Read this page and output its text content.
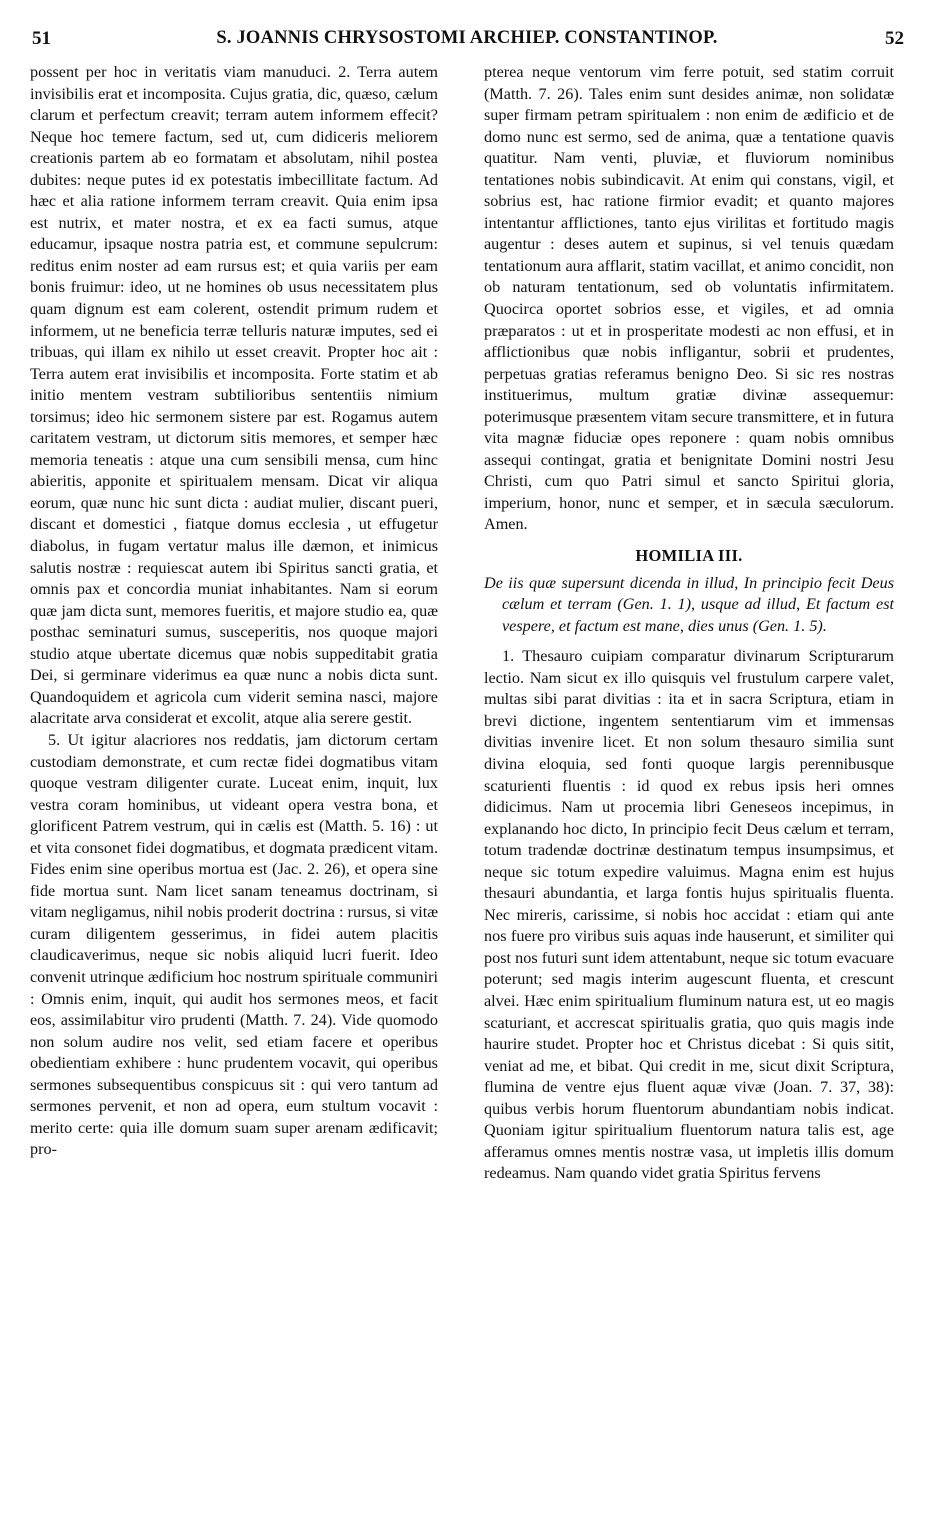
51	S. JOANNIS CHRYSOSTOMI ARCHIEP. CONSTANTINOP.	52

possent per hoc in veritatis viam manuduci. 2. Terra autem invisibilis erat et incomposita. Cujus gratia, dic, quæso, cælum clarum et perfectum creavit; terram autem informem effecit? Neque hoc temere factum, sed ut, cum didiceris meliorem creationis partem ab eo formatam et absolutam, nihil postea dubites: neque putes id ex potestatis imbecillitate factum. Ad hæc et alia ratione informem terram creavit. Quia enim ipsa est nutrix, et mater nostra, et ex ea facti sumus, atque educamur, ipsaque nostra patria est, et commune sepulcrum: reditus enim noster ad eam rursus est; et quia variis per eam bonis fruimur: ideo, ut ne homines ob usus necessitatem plus quam dignum est eam colerent, ostendit primum rudem et informem, ut ne beneficia terræ telluris naturæ imputes, sed ei tribuas, qui illam ex nihilo ut esset creavit. Propter hoc ait : Terra autem erat invisibilis et incomposita. Forte statim et ab initio mentem vestram subtilioribus sententiis nimium torsimus; ideo hic sermonem sistere par est. Rogamus autem caritatem vestram, ut dictorum sitis memores, et semper hæc memoria teneatis : atque una cum sensibili mensa, cum hinc abieritis, apponite et spiritualem mensam. Dicat vir aliqua eorum, quæ nunc hic sunt dicta : audiat mulier, discant pueri, discant et domestici , fiatque domus ecclesia , ut effugetur diabolus, in fugam vertatur malus ille dæmon, et inimicus salutis nostræ : requiescat autem ibi Spiritus sancti gratia, et omnis pax et concordia muniat inhabitantes. Nam si eorum quæ jam dicta sunt, memores fueritis, et majore studio ea, quæ posthac seminaturi sumus, susceperitis, nos quoque majori studio atque ubertate dicemus quæ nobis suppeditabit gratia Dei, si germinare viderimus ea quæ nunc a nobis dicta sunt. Quandoquidem et agricola cum viderit semina nasci, majore alacritate arva considerat et excolit, atque alia serere gestit.

5. Ut igitur alacriores nos reddatis, jam dictorum certam custodiam demonstrate, et cum rectæ fidei dogmatibus vitam quoque vestram diligenter curate. Luceat enim, inquit, lux vestra coram hominibus, ut videant opera vestra bona, et glorificent Patrem vestrum, qui in cælis est (Matth. 5. 16) : ut et vita consonet fidei dogmatibus, et dogmata prædicent vitam. Fides enim sine operibus mortua est (Jac. 2. 26), et opera sine fide mortua sunt. Nam licet sanam teneamus doctrinam, si vitam negligamus, nihil nobis proderit doctrina : rursus, si vitæ curam diligentem gesserimus, in fidei autem placitis claudicaverimus, neque sic nobis aliquid lucri fuerit. Ideo convenit utrinque ædificium hoc nostrum spirituale communiri : Omnis enim, inquit, qui audit hos sermones meos, et facit eos, assimilabitur viro prudenti (Matth. 7. 24). Vide quomodo non solum audire nos velit, sed etiam facere et operibus obedientiam exhibere : hunc prudentem vocavit, qui operibus sermones subsequentibus conspicuus sit : qui vero tantum ad sermones pervenit, et non ad opera, eum stultum vocavit : merito certe: quia ille domum suam super arenam ædificavit; pro-

pterea neque ventorum vim ferre potuit, sed statim corruit (Matth. 7. 26). Tales enim sunt desides animæ, non solidatæ super firmam petram spiritualem : non enim de ædificio et de domo nunc est sermo, sed de anima, quæ a tentatione quavis quatitur. Nam venti, pluviæ, et fluviorum nominibus tentationes nobis subindicavit. At enim qui constans, vigil, et sobrius est, hac ratione firmior evadit; et quanto majores intentantur afflictiones, tanto ejus virilitas et fortitudo magis augentur : deses autem et supinus, si vel tenuis quædam tentationum aura afflarit, statim vacillat, et animo concidit, non ob naturam tentationum, sed ob voluntatis infirmitatem. Quocirca oportet sobrios esse, et vigiles, et ad omnia præparatos : ut et in prosperitate modesti ac non effusi, et in afflictionibus quæ nobis infligantur, sobrii et prudentes, perpetuas gratias referamus benigno Deo. Si sic res nostras instituerimus, multum gratiæ divinæ assequemur: poterimusque præsentem vitam secure transmittere, et in futura vita magnæ fiduciæ opes reponere : quam nobis omnibus assequi contingat, gratia et benignitate Domini nostri Jesu Christi, cum quo Patri simul et sancto Spiritui gloria, imperium, honor, nunc et semper, et in sæcula sæculorum. Amen.

HOMILIA III.

De iis quæ supersunt dicenda in illud, In principio fecit Deus cælum et terram (Gen. 1. 1), usque ad illud, Et factum est vespere, et factum est mane, dies unus (Gen. 1. 5).

1. Thesauro cuipiam comparatur divinarum Scripturarum lectio. Nam sicut ex illo quisquis vel frustulum carpere valet, multas sibi parat divitias : ita et in sacra Scriptura, etiam in brevi dictione, ingentem sententiarum vim et immensas divitias invenire licet. Et non solum thesauro similia sunt divina eloquia, sed fonti quoque largis perennibusque scaturienti fluentis : id quod ex rebus ipsis heri omnes didicimus. Nam ut procemia libri Geneseos incepimus, in explanando hoc dicto, In principio fecit Deus cælum et terram, totum tradendæ doctrinæ destinatum tempus insumpsimus, et neque sic totum expedire valuimus. Magna enim est hujus thesauri abundantia, et larga fontis hujus spiritualis fluenta. Nec mireris, carissime, si nobis hoc accidat : etiam qui ante nos fuere pro viribus suis aquas inde hauserunt, et similiter qui post nos futuri sunt idem attentabunt, neque sic totum evacuare poterunt; sed magis interim augescunt fluenta, et crescunt alvei. Hæc enim spiritualium fluminum natura est, ut eo magis scaturiant, et accrescat spiritualis gratia, quo quis magis inde haurire studet. Propter hoc et Christus dicebat : Si quis sitit, veniat ad me, et bibat. Qui credit in me, sicut dixit Scriptura, flumina de ventre ejus fluent aquæ vivæ (Joan. 7. 37, 38): quibus verbis horum fluentorum abundantiam nobis indicat. Quoniam igitur spiritualium fluentorum natura talis est, age afferamus omnes mentis nostræ vasa, ut impletis illis domum redeamus. Nam quando videt gratia Spiritus fervens
